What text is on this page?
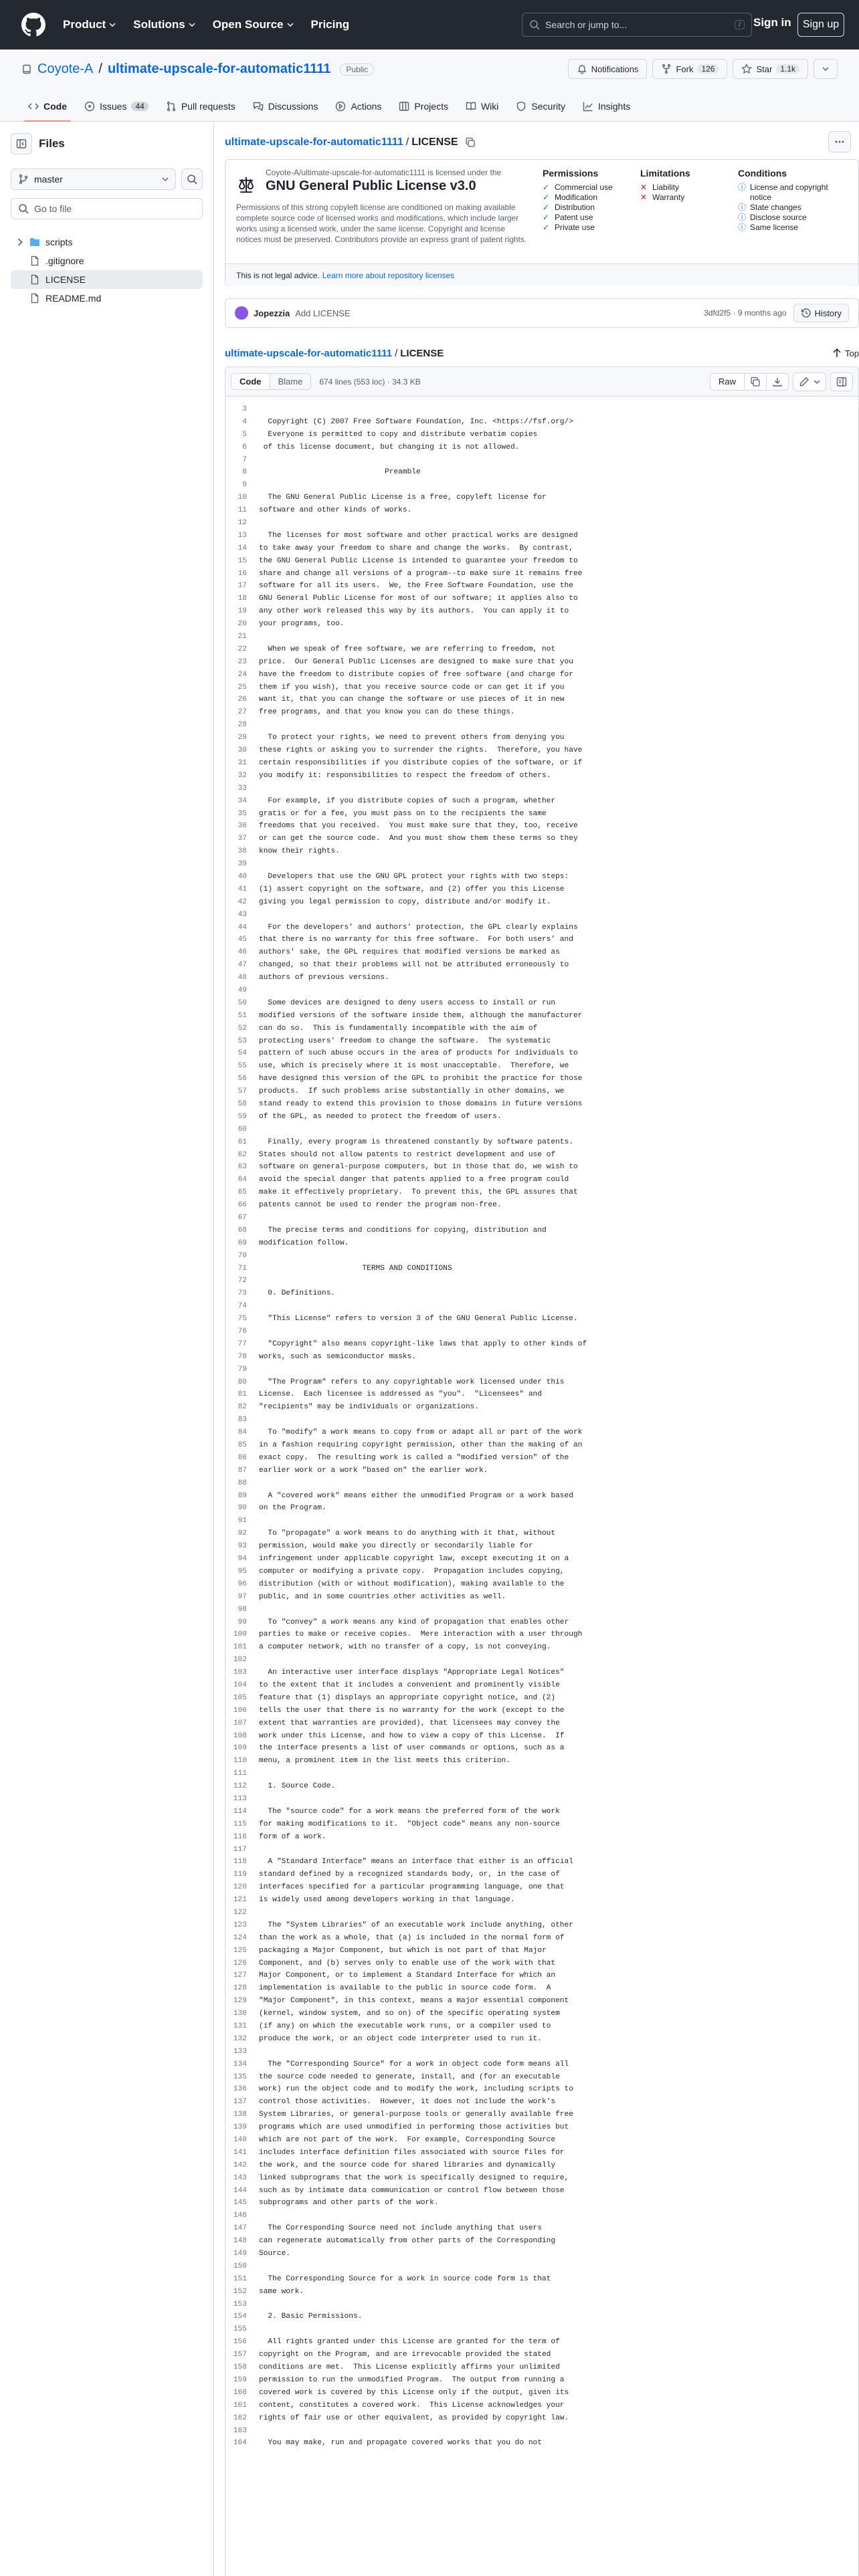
Product Solutions Open Source Pricing	Search or jump to...	/	Sign in	Sign up
Coyote-A / ultimate-upscale-for-automatic1111	Public	Notifications	Fork	126	Star	1.1k
Code	Issues	44	Pull requests	Discussions	Actions	Projects	Wiki	Security	Insights
Files
master
Go to file
scripts
.gitignore
LICENSE
README.md
ultimate-upscale-for-automatic1111 / LICENSE
Coyote-A/ultimate-upscale-for-automatic1111 is licensed under the
GNU General Public License v3.0
Permissions of this strong copyleft license are conditioned on making available complete source code of licensed works and modifications, which include larger works using a licensed work, under the same license. Copyright and license notices must be preserved. Contributors provide an express grant of patent rights.
Permissions
✓ Commercial use
✓ Modification
✓ Distribution
✓ Patent use
✓ Private use
Limitations
✕ Liability
✕ Warranty
Conditions
ⓘ License and copyright notice
ⓘ State changes
ⓘ Disclose source
ⓘ Same license
This is not legal advice. Learn more about repository licenses
Jopezzia Add LICENSE	3dfd2f5 · 9 months ago	History
ultimate-upscale-for-automatic1111 / LICENSE	Top
Code	Blame	674 lines (553 loc) · 34.3 KB	Raw
3
4	Copyright (C) 2007 Free Software Foundation, Inc. <https://fsf.org/>
5	Everyone is permitted to copy and distribute verbatim copies
6	of this license document, but changing it is not allowed.
7
8	Preamble
9
10	The GNU General Public License is a free, copyleft license for
11	software and other kinds of works.
12
13	The licenses for most software and other practical works are designed
14	to take away your freedom to share and change the works.  By contrast,
15	the GNU General Public License is intended to guarantee your freedom to
16	share and change all versions of a program--to make sure it remains free
17	software for all its users.  We, the Free Software Foundation, use the
18	GNU General Public License for most of our software; it applies also to
19	any other work released this way by its authors.  You can apply it to
20	your programs, too.
21
22	When we speak of free software, we are referring to freedom, not
23	price.  Our General Public Licenses are designed to make sure that you
24	have the freedom to distribute copies of free software (and charge for
25	them if you wish), that you receive source code or can get it if you
26	want it, that you can change the software or use pieces of it in new
27	free programs, and that you know you can do these things.
28
29	To protect your rights, we need to prevent others from denying you
30	these rights or asking you to surrender the rights.  Therefore, you have
31	certain responsibilities if you distribute copies of the software, or if
32	you modify it: responsibilities to respect the freedom of others.
33
34	For example, if you distribute copies of such a program, whether
35	gratis or for a fee, you must pass on to the recipients the same
36	freedoms that you received.  You must make sure that they, too, receive
37	or can get the source code.  And you must show them these terms so they
38	know their rights.
39
40	Developers that use the GNU GPL protect your rights with two steps:
41	(1) assert copyright on the software, and (2) offer you this License
42	giving you legal permission to copy, distribute and/or modify it.
43
44	For the developers' and authors' protection, the GPL clearly explains
45	that there is no warranty for this free software.  For both users' and
46	authors' sake, the GPL requires that modified versions be marked as
47	changed, so that their problems will not be attributed erroneously to
48	authors of previous versions.
49
50	Some devices are designed to deny users access to install or run
51	modified versions of the software inside them, although the manufacturer
52	can do so.  This is fundamentally incompatible with the aim of
53	protecting users' freedom to change the software.  The systematic
54	pattern of such abuse occurs in the area of products for individuals to
55	use, which is precisely where it is most unacceptable.  Therefore, we
56	have designed this version of the GPL to prohibit the practice for those
57	products.  If such problems arise substantially in other domains, we
58	stand ready to extend this provision to those domains in future versions
59	of the GPL, as needed to protect the freedom of users.
60
61	Finally, every program is threatened constantly by software patents.
62	States should not allow patents to restrict development and use of
63	software on general-purpose computers, but in those that do, we wish to
64	avoid the special danger that patents applied to a free program could
65	make it effectively proprietary.  To prevent this, the GPL assures that
66	patents cannot be used to render the program non-free.
67
68	The precise terms and conditions for copying, distribution and
69	modification follow.
70
71	TERMS AND CONDITIONS
72
73	0. Definitions.
74
75	"This License" refers to version 3 of the GNU General Public License.
76
77	"Copyright" also means copyright-like laws that apply to other kinds of
78	works, such as semiconductor masks.
79
80	"The Program" refers to any copyrightable work licensed under this
81	License.  Each licensee is addressed as "you".  "Licensees" and
82	"recipients" may be individuals or organizations.
83
84	To "modify" a work means to copy from or adapt all or part of the work
85	in a fashion requiring copyright permission, other than the making of an
86	exact copy.  The resulting work is called a "modified version" of the
87	earlier work or a work "based on" the earlier work.
88
89	A "covered work" means either the unmodified Program or a work based
90	on the Program.
91
92	To "propagate" a work means to do anything with it that, without
93	permission, would make you directly or secondarily liable for
94	infringement under applicable copyright law, except executing it on a
95	computer or modifying a private copy.  Propagation includes copying,
96	distribution (with or without modification), making available to the
97	public, and in some countries other activities as well.
98
99	To "convey" a work means any kind of propagation that enables other
100	parties to make or receive copies.  Mere interaction with a user through
101	a computer network, with no transfer of a copy, is not conveying.
102
103	An interactive user interface displays "Appropriate Legal Notices"
104	to the extent that it includes a convenient and prominently visible
105	feature that (1) displays an appropriate copyright notice, and (2)
106	tells the user that there is no warranty for the work (except to the
107	extent that warranties are provided), that licensees may convey the
108	work under this License, and how to view a copy of this License.  If
109	the interface presents a list of user commands or options, such as a
110	menu, a prominent item in the list meets this criterion.
111
112	1. Source Code.
113
114	The "source code" for a work means the preferred form of the work
115	for making modifications to it.  "Object code" means any non-source
116	form of a work.
117
118	A "Standard Interface" means an interface that either is an official
119	standard defined by a recognized standards body, or, in the case of
120	interfaces specified for a particular programming language, one that
121	is widely used among developers working in that language.
122
123	The "System Libraries" of an executable work include anything, other
124	than the work as a whole, that (a) is included in the normal form of
125	packaging a Major Component, but which is not part of that Major
126	Component, and (b) serves only to enable use of the work with that
127	Major Component, or to implement a Standard Interface for which an
128	implementation is available to the public in source code form.  A
129	"Major Component", in this context, means a major essential component
130	(kernel, window system, and so on) of the specific operating system
131	(if any) on which the executable work runs, or a compiler used to
132	produce the work, or an object code interpreter used to run it.
133
134	The "Corresponding Source" for a work in object code form means all
135	the source code needed to generate, install, and (for an executable
136	work) run the object code and to modify the work, including scripts to
137	control those activities.  However, it does not include the work's
138	System Libraries, or general-purpose tools or generally available free
139	programs which are used unmodified in performing those activities but
140	which are not part of the work.  For example, Corresponding Source
141	includes interface definition files associated with source files for
142	the work, and the source code for shared libraries and dynamically
143	linked subprograms that the work is specifically designed to require,
144	such as by intimate data communication or control flow between those
145	subprograms and other parts of the work.
146
147	The Corresponding Source need not include anything that users
148	can regenerate automatically from other parts of the Corresponding
149	Source.
150
151	The Corresponding Source for a work in source code form is that
152	same work.
153
154	2. Basic Permissions.
155
156	All rights granted under this License are granted for the term of
157	copyright on the Program, and are irrevocable provided the stated
158	conditions are met.  This License explicitly affirms your unlimited
159	permission to run the unmodified Program.  The output from running a
160	covered work is covered by this License only if the output, given its
161	content, constitutes a covered work.  This License acknowledges your
162	rights of fair use or other equivalent, as provided by copyright law.
163
164	You may make, run and propagate covered works that you do not
